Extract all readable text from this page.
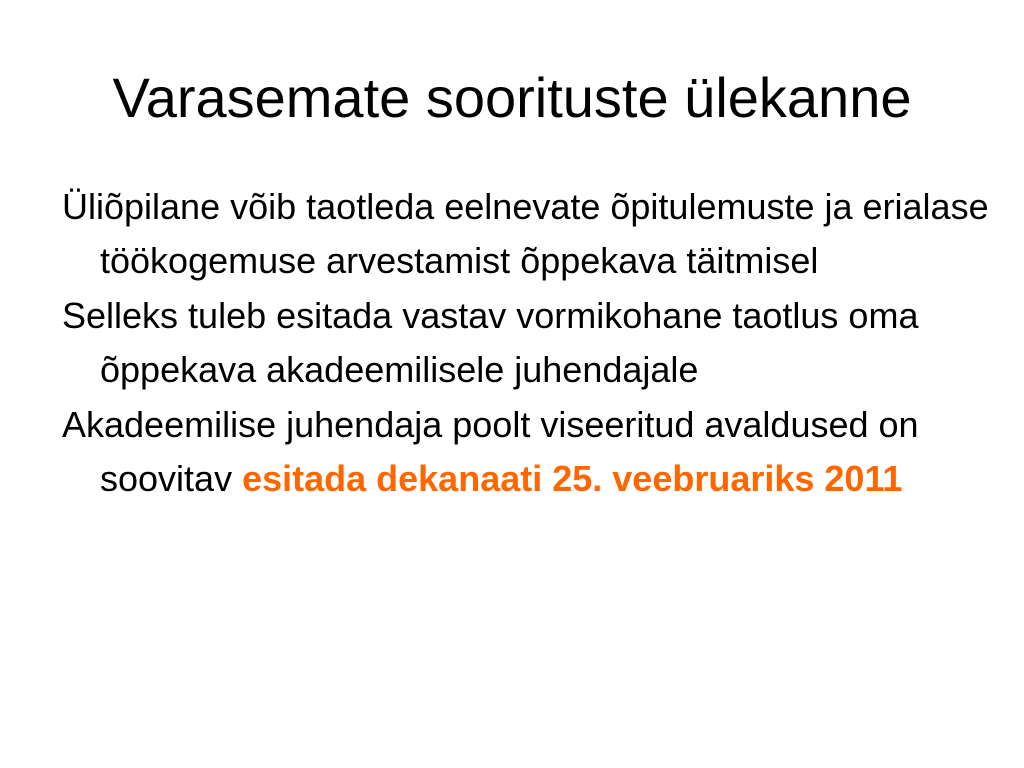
Varasemate soorituste ülekanne
Üliõpilane võib taotleda eelnevate õpitulemuste ja erialase töökogemuse arvestamist õppekava täitmisel
Selleks tuleb esitada vastav vormikohane taotlus oma õppekava akadeemilisele juhendajale
Akadeemilise juhendaja poolt viseeritud avaldused on soovitav esitada dekanaati 25. veebruariks 2011
